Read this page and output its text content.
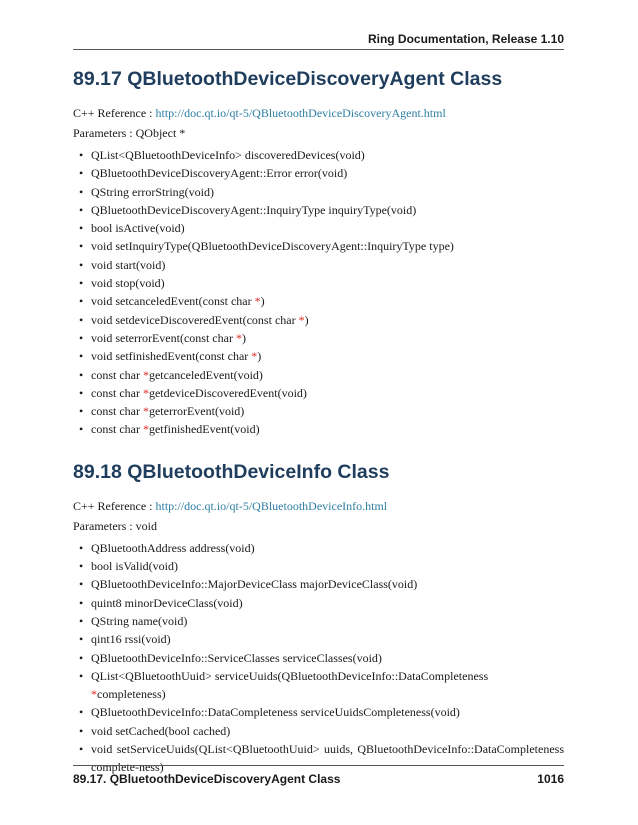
Ring Documentation, Release 1.10
89.17 QBluetoothDeviceDiscoveryAgent Class

C++ Reference : http://doc.qt.io/qt-5/QBluetoothDeviceDiscoveryAgent.html

Parameters : QObject *

• QList<QBluetoothDeviceInfo> discoveredDevices(void)
• QBluetoothDeviceDiscoveryAgent::Error error(void)
• QString errorString(void)
• QBluetoothDeviceDiscoveryAgent::InquiryType inquiryType(void)
• bool isActive(void)
• void setInquiryType(QBluetoothDeviceDiscoveryAgent::InquiryType type)
• void start(void)
• void stop(void)
• void setcanceledEvent(const char *)
• void setdeviceDiscoveredEvent(const char *)
• void seterrorEvent(const char *)
• void setfinishedEvent(const char *)
• const char *getcanceledEvent(void)
• const char *getdeviceDiscoveredEvent(void)
• const char *geterrorEvent(void)
• const char *getfinishedEvent(void)
89.18 QBluetoothDeviceInfo Class

C++ Reference : http://doc.qt.io/qt-5/QBluetoothDeviceInfo.html

Parameters : void

• QBluetoothAddress address(void)
• bool isValid(void)
• QBluetoothDeviceInfo::MajorDeviceClass majorDeviceClass(void)
• quint8 minorDeviceClass(void)
• QString name(void)
• qint16 rssi(void)
• QBluetoothDeviceInfo::ServiceClasses serviceClasses(void)
• QList<QBluetoothUuid> serviceUuids(QBluetoothDeviceInfo::DataCompleteness *completeness)
• QBluetoothDeviceInfo::DataCompleteness serviceUuidsCompleteness(void)
• void setCached(bool cached)
• void setServiceUuids(QList<QBluetoothUuid> uuids, QBluetoothDeviceInfo::DataCompleteness complete-ness)
89.17. QBluetoothDeviceDiscoveryAgent Class	1016
